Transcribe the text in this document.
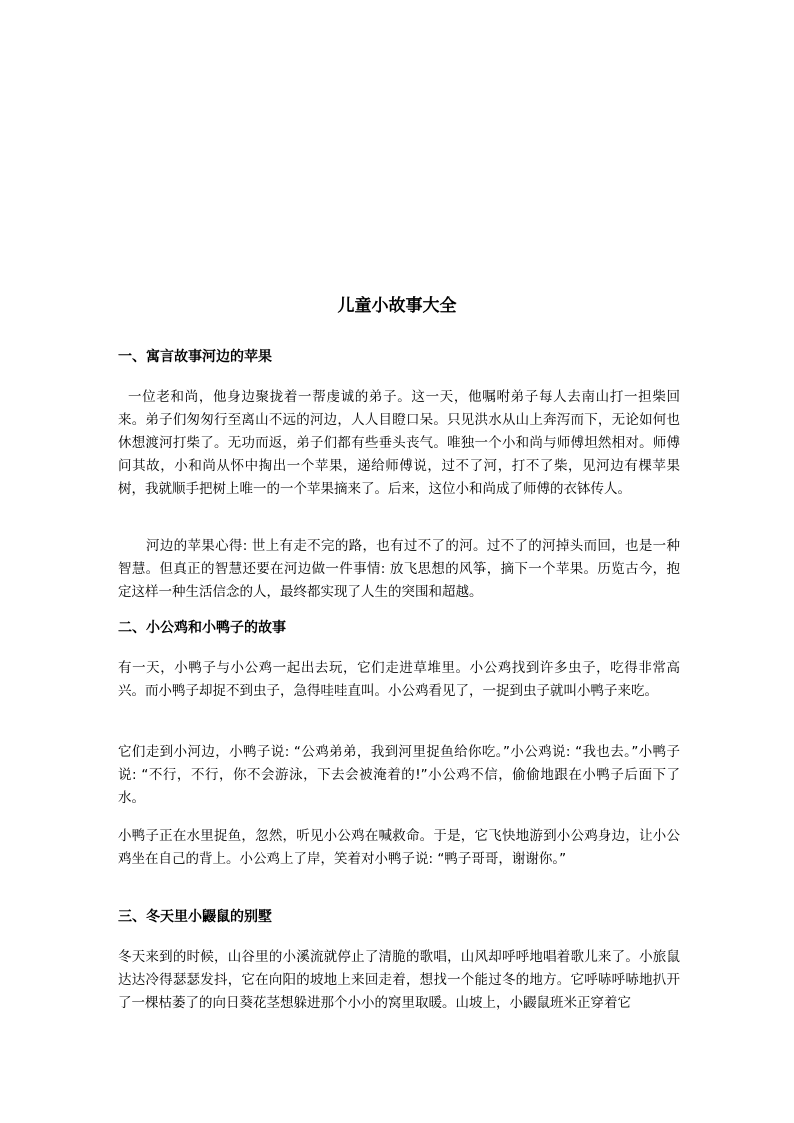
儿童小故事大全
一、寓言故事河边的苹果
一位老和尚，他身边聚拢着一帮虔诚的弟子。这一天，他嘱咐弟子每人去南山打一担柴回来。弟子们匆匆行至离山不远的河边，人人目瞪口呆。只见洪水从山上奔泻而下，无论如何也休想渡河打柴了。无功而返，弟子们都有些垂头丧气。唯独一个小和尚与师傅坦然相对。师傅问其故，小和尚从怀中掏出一个苹果，递给师傅说，过不了河，打不了柴，见河边有棵苹果树，我就顺手把树上唯一的一个苹果摘来了。后来，这位小和尚成了师傅的衣钵传人。
河边的苹果心得: 世上有走不完的路，也有过不了的河。过不了的河掉头而回，也是一种智慧。但真正的智慧还要在河边做一件事情: 放飞思想的风筝，摘下一个苹果。历览古今，抱定这样一种生活信念的人，最终都实现了人生的突围和超越。
二、小公鸡和小鸭子的故事
有一天，小鸭子与小公鸡一起出去玩，它们走进草堆里。小公鸡找到许多虫子，吃得非常高兴。而小鸭子却捉不到虫子，急得哇哇直叫。小公鸡看见了，一捉到虫子就叫小鸭子来吃。
它们走到小河边，小鸭子说: “公鸡弟弟，我到河里捉鱼给你吃。”小公鸡说: “我也去。”小鸭子说: “不行，不行，你不会游泳，下去会被淹着的!”小公鸡不信，偷偷地跟在小鸭子后面下了水。
小鸭子正在水里捉鱼，忽然，听见小公鸡在喊救命。于是，它飞快地游到小公鸡身边，让小公鸡坐在自己的背上。小公鸡上了岸，笑着对小鸭子说: “鸭子哥哥，谢谢你。”
三、冬天里小鼹鼠的别墅
冬天来到的时候，山谷里的小溪流就停止了清脆的歌唱，山风却呼呼地唱着歌儿来了。小旅鼠达达冷得瑟瑟发抖，它在向阳的坡地上来回走着，想找一个能过冬的地方。它呼哧呼哧地扒开了一棵枯萎了的向日葵花茎想躲进那个小小的窝里取暖。山坡上，小鼹鼠班米正穿着它
